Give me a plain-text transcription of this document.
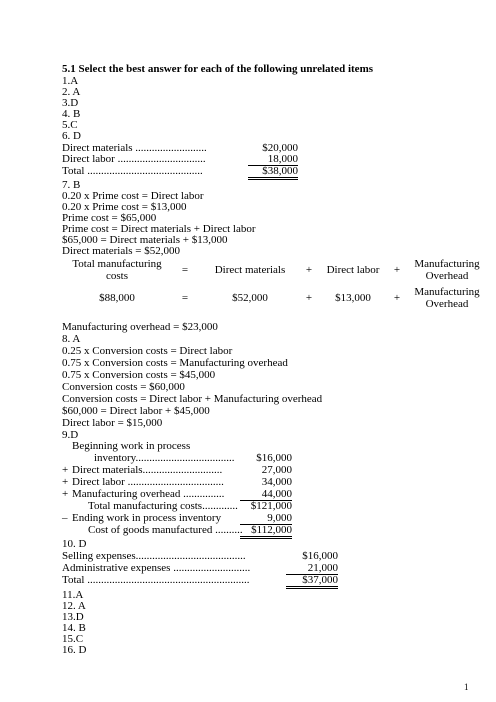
5.1 Select the best answer for each of the following unrelated items
1.A
2. A
3.D
4. B
5.C
6. D
Direct materials ..........................	$20,000
Direct labor ................................	18,000
Total ..........................................	$38,000
7. B
0.20 x Prime cost = Direct labor
0.20 x Prime cost = $13,000
Prime cost = $65,000
Prime cost = Direct materials + Direct labor
$65,000 = Direct materials + $13,000
Direct materials = $52,000
Total manufacturing costs	=	Direct materials	+	Direct labor	+	Manufacturing Overhead
$88,000	=	$52,000	+	$13,000	+	Manufacturing Overhead
Manufacturing overhead = $23,000
8. A
0.25 x Conversion costs = Direct labor
0.75 x Conversion costs = Manufacturing overhead
0.75 x Conversion costs = $45,000
Conversion costs = $60,000
Conversion costs = Direct labor + Manufacturing overhead
$60,000 = Direct labor + $45,000
Direct labor = $15,000
9.D
Beginning work in process
inventory.................................... $16,000
+ Direct materials.............................	27,000
+ Direct labor ...................................	34,000
+ Manufacturing overhead ...............	44,000
Total manufacturing costs............. $121,000
– Ending work in process inventory	9,000
Cost of goods manufactured .......... $112,000
10. D
Selling expenses........................................	$16,000
Administrative expenses ............................	21,000
Total ...........................................................	$37,000
11.A
12. A
13.D
14. B
15.C
16. D
1
